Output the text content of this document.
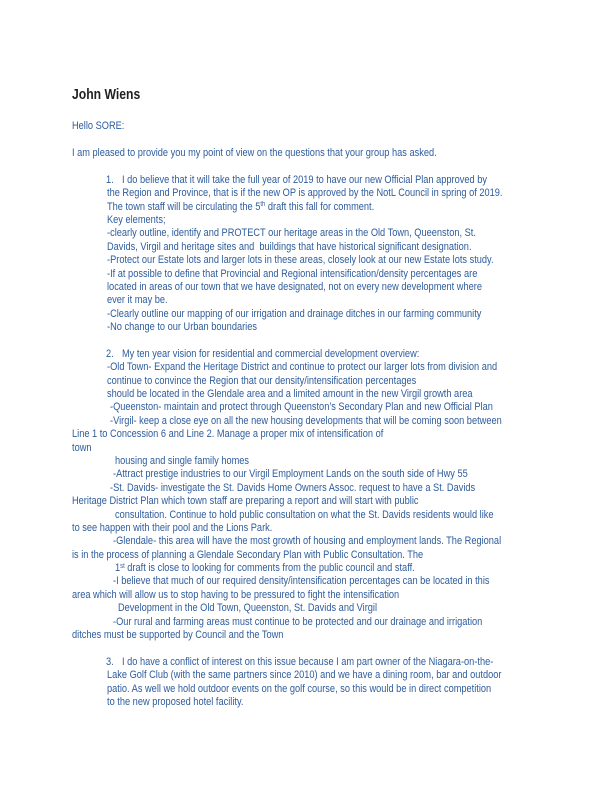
John Wiens
Hello SORE:
I am pleased to provide you my point of view on the questions that your group has asked.
1. I do believe that it will take the full year of 2019 to have our new Official Plan approved by
the Region and Province, that is if the new OP is approved by the NotL Council in spring of 2019.
The town staff will be circulating the 5th draft this fall for comment.
Key elements;
-clearly outline, identify and PROTECT our heritage areas in the Old Town, Queenston, St.
Davids, Virgil and heritage sites and  buildings that have historical significant designation.
-Protect our Estate lots and larger lots in these areas, closely look at our new Estate lots study.
-If at possible to define that Provincial and Regional intensification/density percentages are
located in areas of our town that we have designated, not on every new development where
ever it may be.
-Clearly outline our mapping of our irrigation and drainage ditches in our farming community
-No change to our Urban boundaries
2. My ten year vision for residential and commercial development overview:
-Old Town- Expand the Heritage District and continue to protect our larger lots from division and
continue to convince the Region that our density/intensification percentages
should be located in the Glendale area and a limited amount in the new Virgil growth area
-Queenston- maintain and protect through Queenston’s Secondary Plan and new Official Plan
-Virgil- keep a close eye on all the new housing developments that will be coming soon between
Line 1 to Concession 6 and Line 2. Manage a proper mix of intensification of
town
housing and single family homes
-Attract prestige industries to our Virgil Employment Lands on the south side of Hwy 55
-St. Davids- investigate the St. Davids Home Owners Assoc. request to have a St. Davids
Heritage District Plan which town staff are preparing a report and will start with public
consultation. Continue to hold public consultation on what the St. Davids residents would like
to see happen with their pool and the Lions Park.
-Glendale- this area will have the most growth of housing and employment lands. The Regional
is in the process of planning a Glendale Secondary Plan with Public Consultation. The
1st draft is close to looking for comments from the public council and staff.
-I believe that much of our required density/intensification percentages can be located in this
area which will allow us to stop having to be pressured to fight the intensification
Development in the Old Town, Queenston, St. Davids and Virgil
-Our rural and farming areas must continue to be protected and our drainage and irrigation
ditches must be supported by Council and the Town
3. I do have a conflict of interest on this issue because I am part owner of the Niagara-on-the-
Lake Golf Club (with the same partners since 2010) and we have a dining room, bar and outdoor
patio. As well we hold outdoor events on the golf course, so this would be in direct competition
to the new proposed hotel facility.
